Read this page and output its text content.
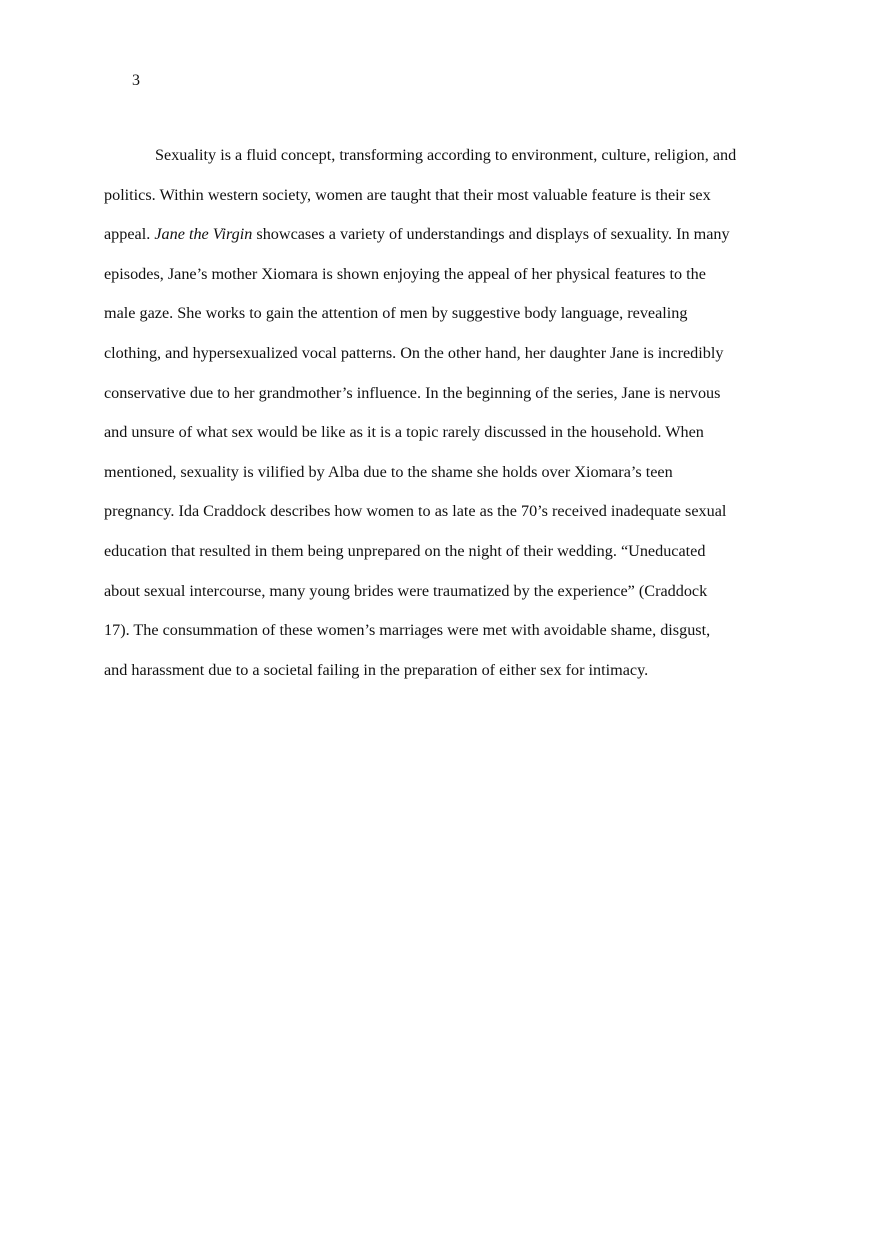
3
Sexuality is a fluid concept, transforming according to environment, culture, religion, and
politics. Within western society, women are taught that their most valuable feature is their sex
appeal. Jane the Virgin showcases a variety of understandings and displays of sexuality. In many
episodes, Jane’s mother Xiomara is shown enjoying the appeal of her physical features to the
male gaze. She works to gain the attention of men by suggestive body language, revealing
clothing, and hypersexualized vocal patterns. On the other hand, her daughter Jane is incredibly
conservative due to her grandmother’s influence. In the beginning of the series, Jane is nervous
and unsure of what sex would be like as it is a topic rarely discussed in the household. When
mentioned, sexuality is vilified by Alba due to the shame she holds over Xiomara’s teen
pregnancy. Ida Craddock describes how women to as late as the 70’s received inadequate sexual
education that resulted in them being unprepared on the night of their wedding. “Uneducated
about sexual intercourse, many young brides were traumatized by the experience” (Craddock
17). The consummation of these women’s marriages were met with avoidable shame, disgust,
and harassment due to a societal failing in the preparation of either sex for intimacy.
